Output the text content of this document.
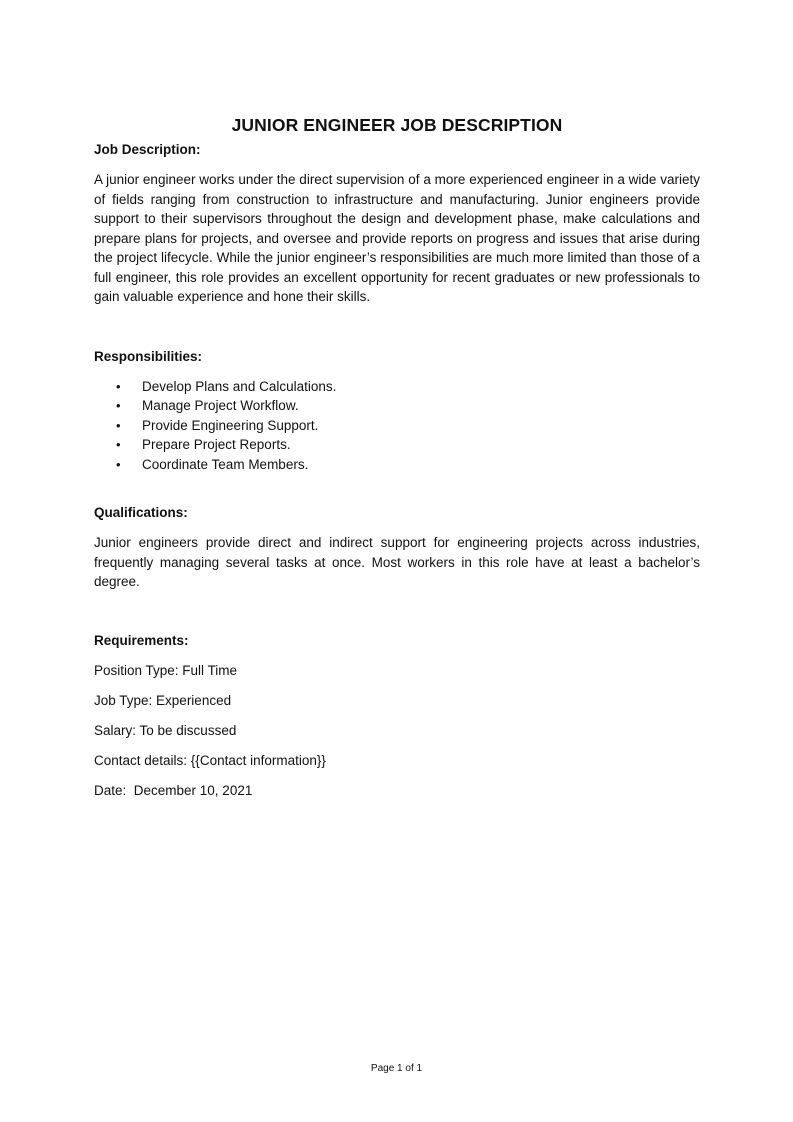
JUNIOR ENGINEER JOB DESCRIPTION

Job Description:

A junior engineer works under the direct supervision of a more experienced engineer in a wide variety of fields ranging from construction to infrastructure and manufacturing. Junior engineers provide support to their supervisors throughout the design and development phase, make calculations and prepare plans for projects, and oversee and provide reports on progress and issues that arise during the project lifecycle. While the junior engineer’s responsibilities are much more limited than those of a full engineer, this role provides an excellent opportunity for recent graduates or new professionals to gain valuable experience and hone their skills.

Responsibilities:

• Develop Plans and Calculations.
• Manage Project Workflow.
• Provide Engineering Support.
• Prepare Project Reports.
• Coordinate Team Members.

Qualifications:

Junior engineers provide direct and indirect support for engineering projects across industries, frequently managing several tasks at once. Most workers in this role have at least a bachelor’s degree.

Requirements:

Position Type: Full Time

Job Type: Experienced

Salary: To be discussed

Contact details: {{Contact information}}

Date:  December 10, 2021

Page 1 of 1
